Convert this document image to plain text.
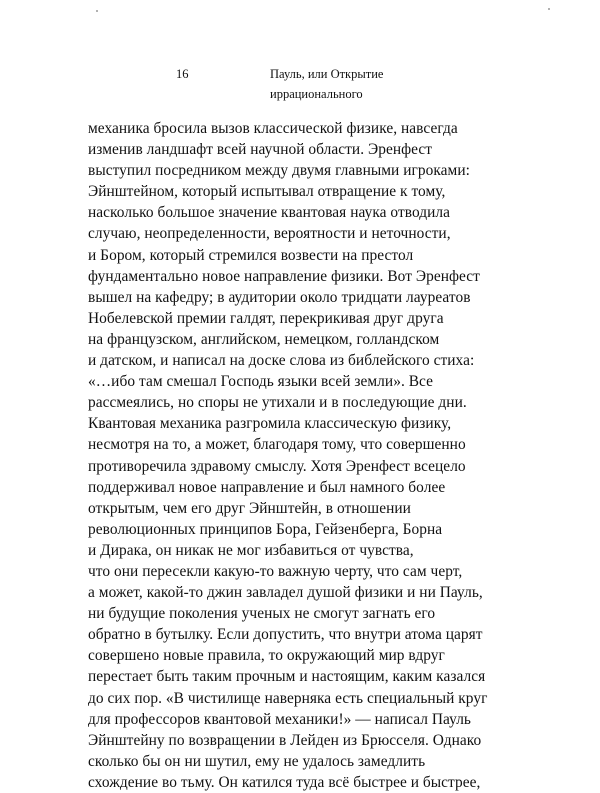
16	Пауль, или Открытие
иррационального
механика бросила вызов классической физике, навсегда
изменив ландшафт всей научной области. Эренфест
выступил посредником между двумя главными игроками:
Эйнштейном, который испытывал отвращение к тому,
насколько большое значение квантовая наука отводила
случаю, неопределенности, вероятности и неточности,
и Бором, который стремился возвести на престол
фундаментально новое направление физики. Вот Эренфест
вышел на кафедру; в аудитории около тридцати лауреатов
Нобелевской премии галдят, перекрикивая друг друга
на французском, английском, немецком, голландском
и датском, и написал на доске слова из библейского стиха:
«…ибо там смешал Господь языки всей земли». Все
рассмеялись, но споры не утихали и в последующие дни.
Квантовая механика разгромила классическую физику,
несмотря на то, а может, благодаря тому, что совершенно
противоречила здравому смыслу. Хотя Эренфест всецело
поддерживал новое направление и был намного более
открытым, чем его друг Эйнштейн, в отношении
революционных принципов Бора, Гейзенберга, Борна
и Дирака, он никак не мог избавиться от чувства,
что они пересекли какую-то важную черту, что сам черт,
а может, какой-то джин завладел душой физики и ни Пауль,
ни будущие поколения ученых не смогут загнать его
обратно в бутылку. Если допустить, что внутри атома царят
совершено новые правила, то окружающий мир вдруг
перестает быть таким прочным и настоящим, каким казался
до сих пор. «В чистилище наверняка есть специальный круг
для профессоров квантовой механики!» — написал Пауль
Эйнштейну по возвращении в Лейден из Брюсселя. Однако
сколько бы он ни шутил, ему не удалось замедлить
схождение во тьму. Он катился туда всё быстрее и быстрее,
